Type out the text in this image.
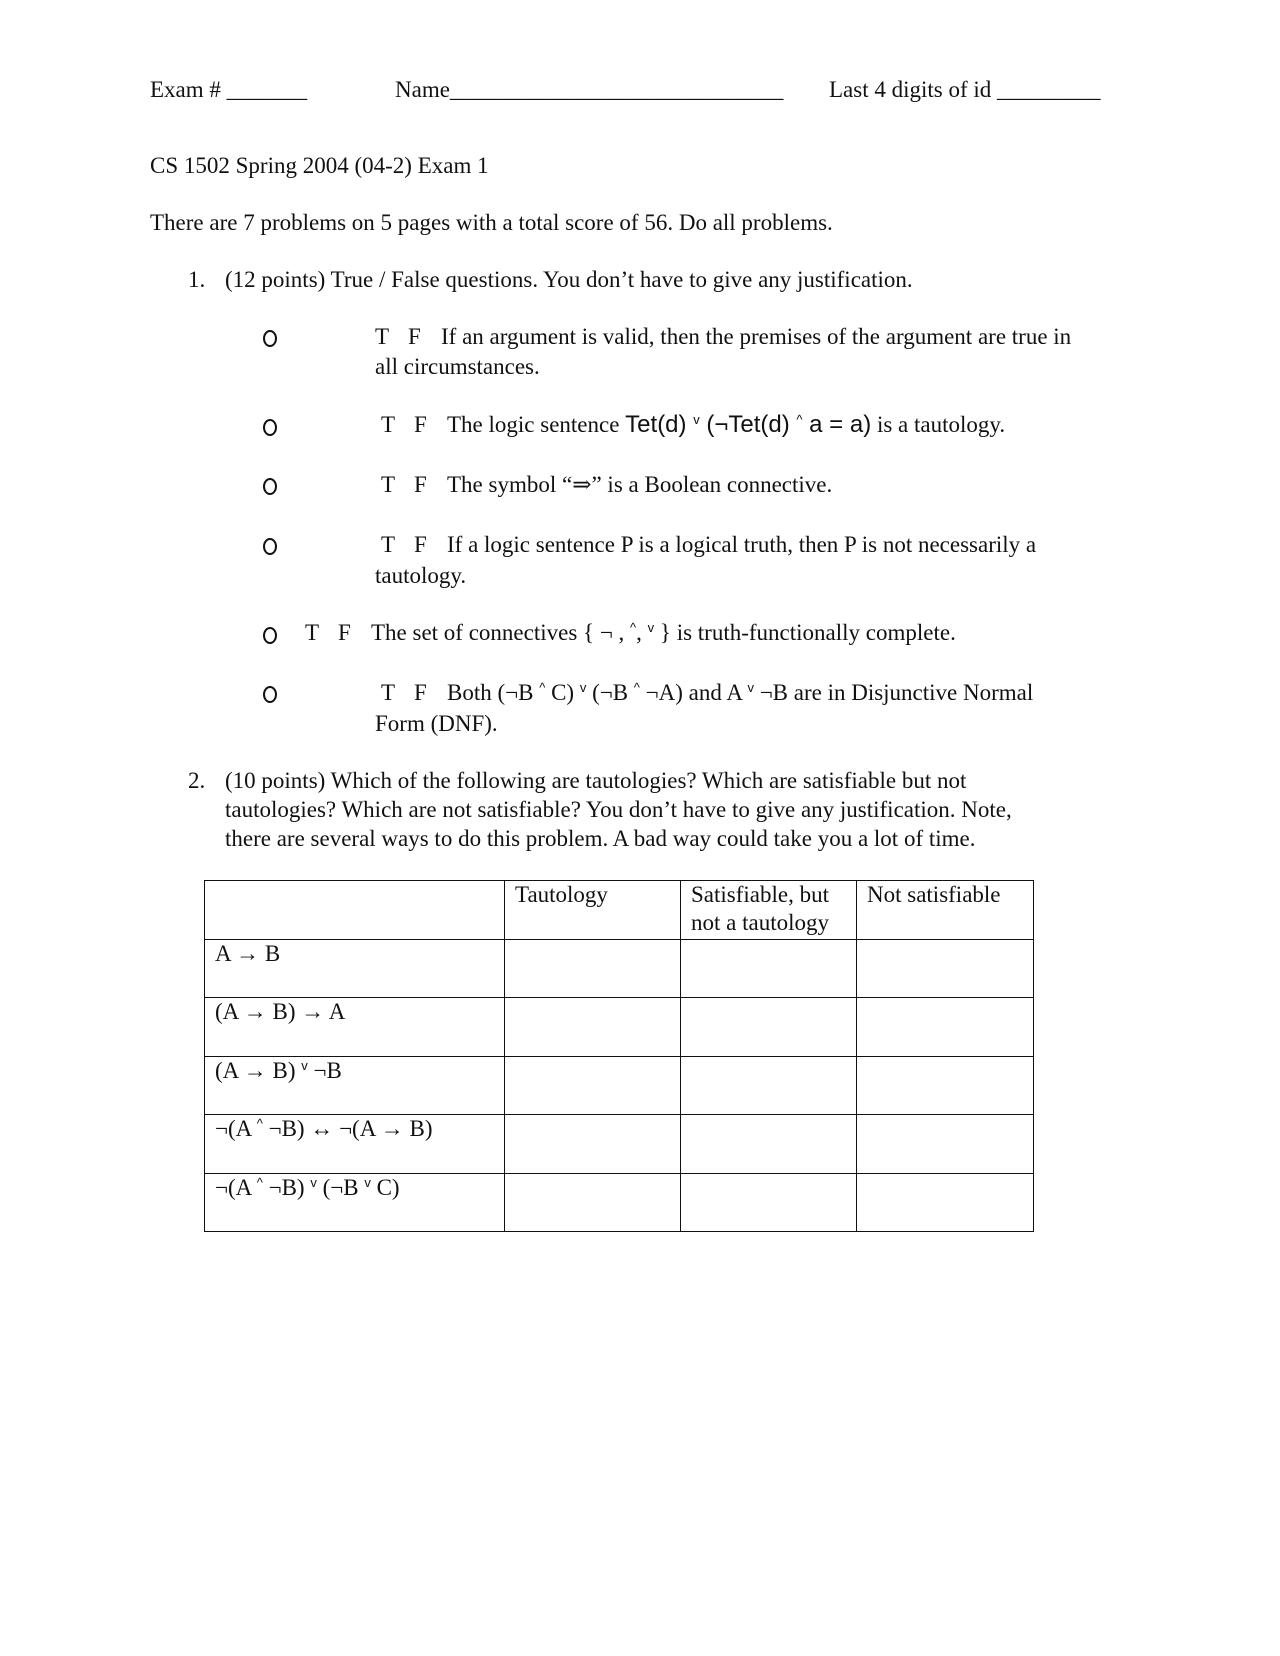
Exam # _______	Name_____________________________ Last 4 digits of id _________
CS 1502 Spring 2004 (04-2) Exam 1
There are 7 problems on 5 pages with a total score of 56. Do all problems.
1. (12 points) True / False questions. You don’t have to give any justification.
T F If an argument is valid, then the premises of the argument are true in
all circumstances.
T F The logic sentence Tet(d) $^v$ (¬Tet(d) ^ a = a) is a tautology.
T F The symbol “⇒” is a Boolean connective.
T F If a logic sentence P is a logical truth, then P is not necessarily a
tautology.
T F The set of connectives { ¬ , ^, $^v$ } is truth-functionally complete.
T F Both (¬B ^ C) $^v$ (¬B ^ ¬A) and A $^v$ ¬B are in Disjunctive Normal
Form (DNF).
2. (10 points) Which of the following are tautologies? Which are satisfiable but not
tautologies? Which are not satisfiable? You don’t have to give any justification. Note,
there are several ways to do this problem. A bad way could take you a lot of time.
	Tautology	Satisfiable, but
not a tautology	Not satisfiable
A → B			
(A → B) → A			
(A → B) $^v$ ¬B			
¬(A ^ ¬B) ↔ ¬(A → B)			
¬(A ^ ¬B) $^v$ (¬B $^v$ C)			
